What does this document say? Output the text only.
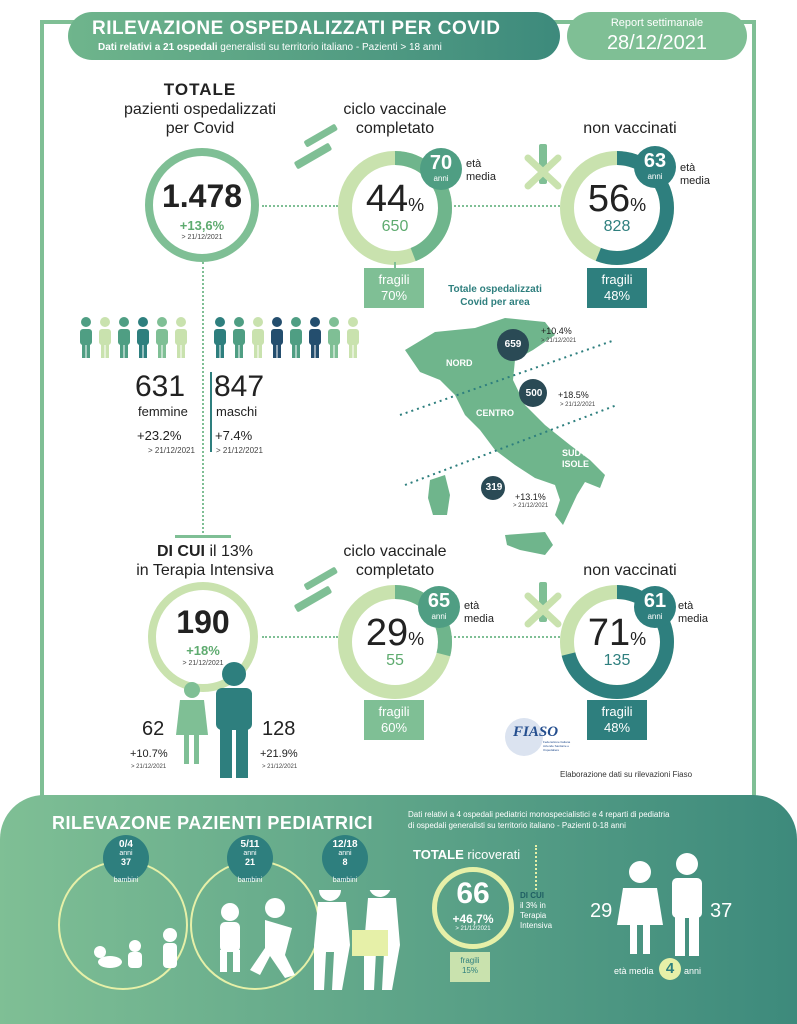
RILEVAZIONE OSPEDALIZZATI PER COVID
Dati relativi a 21 ospedali generalisti su territorio italiano - Pazienti > 18 anni
Report settimanale
28/12/2021
TOTALE
pazienti ospedalizzati
per Covid
1.478
+13,6%
> 21/12/2021
ciclo vaccinale
completato
44%
650
70
anni
età
media
fragili
70%
non vaccinati
56%
828
63
anni
età
media
fragili
48%
Totale ospedalizzati
Covid per area
631
femmine
+23.2%
> 21/12/2021
847
maschi
+7.4%
> 21/12/2021
NORD
659
+10.4%
> 21/12/2021
CENTRO
500	+18.5%
> 21/12/2021
SUD+
ISOLE
319
+13.1%
> 21/12/2021
DI CUI il 13%
in Terapia Intensiva
190
+18%
> 21/12/2021
62
+10.7%
> 21/12/2021
128
+21.9%
> 21/12/2021
ciclo vaccinale
completato
29%
55
65
anni
età
media
fragili
60%
non vaccinati
71%
135
61
anni
età
media
fragili
48%
FIASO
Federazione Italiana Aziende Sanitarie e Ospedaliere
Elaborazione dati su rilevazioni Fiaso
RILEVAZONE PAZIENTI PEDIATRICI	Dati relativi a 4 ospedali pediatrici monospecialistici e 4 reparti di pediatria
di ospedali generalisti su territorio italiano - Pazienti 0-18 anni
0/4
anni
37
bambini
5/11
anni
21
bambini
12/18
anni
8
bambini
TOTALE ricoverati
66
+46,7%
> 21/12/2021
fragili
15%
DI CUI
il 3% in
Terapia
Intensiva
29	37
età media 4	anni
